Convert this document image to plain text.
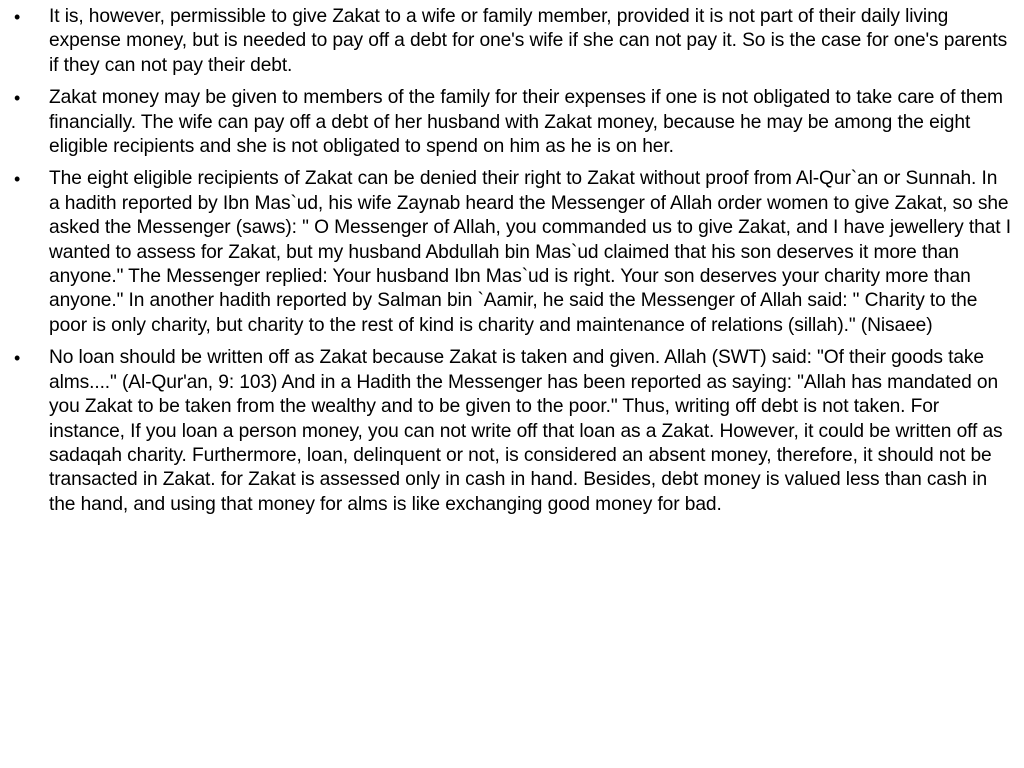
• It is, however, permissible to give Zakat to a wife or family member, provided it is not part of their daily living expense money, but is needed to pay off a debt for one's wife if she can not pay it. So is the case for one's parents if they can not pay their debt.
• Zakat money may be given to members of the family for their expenses if one is not obligated to take care of them financially. The wife can pay off a debt of her husband with Zakat money, because he may be among the eight eligible recipients and she is not obligated to spend on him as he is on her.
• The eight eligible recipients of Zakat can be denied their right to Zakat without proof from Al-Qur`an or Sunnah. In a hadith reported by Ibn Mas`ud, his wife Zaynab heard the Messenger of Allah order women to give Zakat, so she asked the Messenger (saws): " O Messenger of Allah, you commanded us to give Zakat, and I have jewellery that I wanted to assess for Zakat, but my husband Abdullah bin Mas`ud claimed that his son deserves it more than anyone." The Messenger replied: Your husband Ibn Mas`ud is right. Your son deserves your charity more than anyone." In another hadith reported by Salman bin `Aamir, he said the Messenger of Allah said: " Charity to the poor is only charity, but charity to the rest of kind is charity and maintenance of relations (sillah)." (Nisaee)
• No loan should be written off as Zakat because Zakat is taken and given. Allah (SWT) said: "Of their goods take alms...." (Al-Qur'an, 9: 103) And in a Hadith the Messenger has been reported as saying: "Allah has mandated on you Zakat to be taken from the wealthy and to be given to the poor." Thus, writing off debt is not taken. For instance, If you loan a person money, you can not write off that loan as a Zakat. However, it could be written off as sadaqah charity. Furthermore, loan, delinquent or not, is considered an absent money, therefore, it should not be transacted in Zakat. for Zakat is assessed only in cash in hand. Besides, debt money is valued less than cash in the hand, and using that money for alms is like exchanging good money for bad.
